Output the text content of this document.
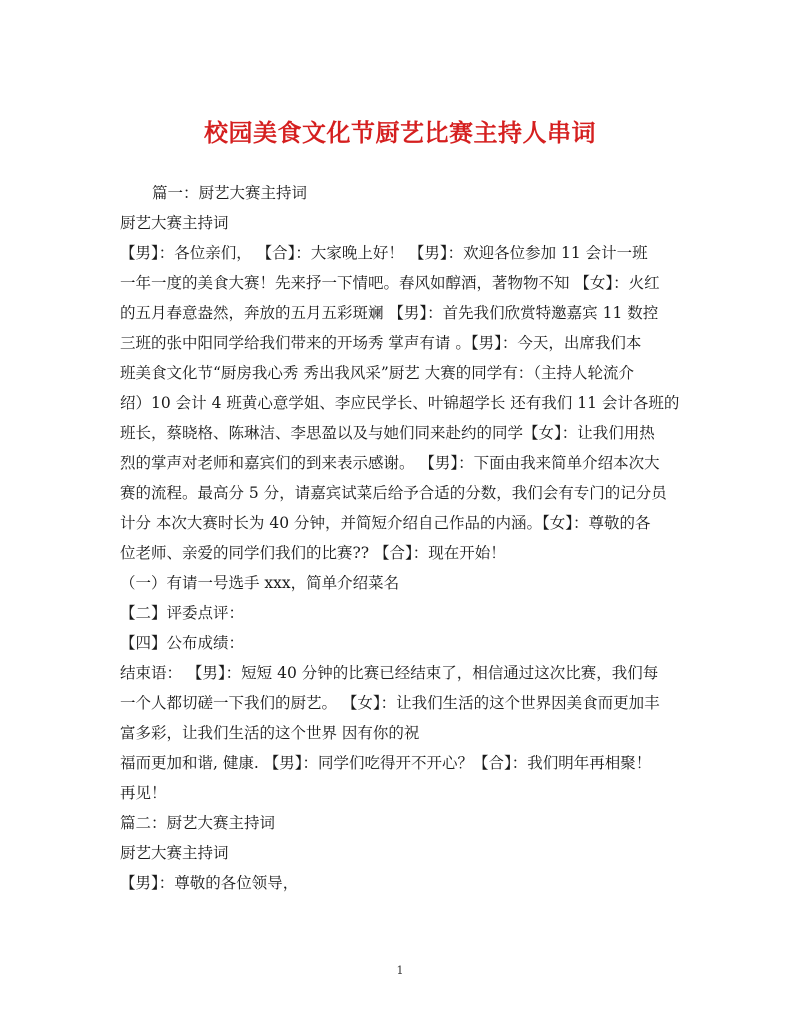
校园美食文化节厨艺比赛主持人串词
篇一：厨艺大赛主持词
厨艺大赛主持词
【男】：各位亲们， 【合】：大家晚上好！ 【男】：欢迎各位参加 11 会计一班
一年一度的美食大赛！先来抒一下情吧。春风如醇酒，著物物不知 【女】：火红
的五月春意盎然，奔放的五月五彩斑斓 【男】：首先我们欣赏特邀嘉宾 11 数控
三班的张中阳同学给我们带来的开场秀 掌声有请 。【男】：今天，出席我们本
班美食文化节“厨房我心秀 秀出我风采”厨艺 大赛的同学有：（主持人轮流介
绍）10 会计 4 班黄心意学姐、李应民学长、叶锦超学长 还有我们 11 会计各班的
班长，蔡晓格、陈琳洁、李思盈以及与她们同来赴约的同学【女】：让我们用热
烈的掌声对老师和嘉宾们的到来表示感谢。 【男】：下面由我来简单介绍本次大
赛的流程。最高分 5 分，请嘉宾试菜后给予合适的分数，我们会有专门的记分员
计分 本次大赛时长为 40 分钟，并简短介绍自己作品的内涵。【女】：尊敬的各
位老师、亲爱的同学们我们的比赛?? 【合】：现在开始！
（一）有请一号选手 xxx，简单介绍菜名
【二】评委点评：
【四】公布成绩：
结束语： 【男】：短短 40 分钟的比赛已经结束了，相信通过这次比赛，我们每
一个人都切磋一下我们的厨艺。 【女】：让我们生活的这个世界因美食而更加丰
富多彩，让我们生活的这个世界 因有你的祝
福而更加和谐, 健康. 【男】：同学们吃得开不开心？【合】：我们明年再相聚！
再见！
篇二：厨艺大赛主持词
厨艺大赛主持词
【男】：尊敬的各位领导，
1
